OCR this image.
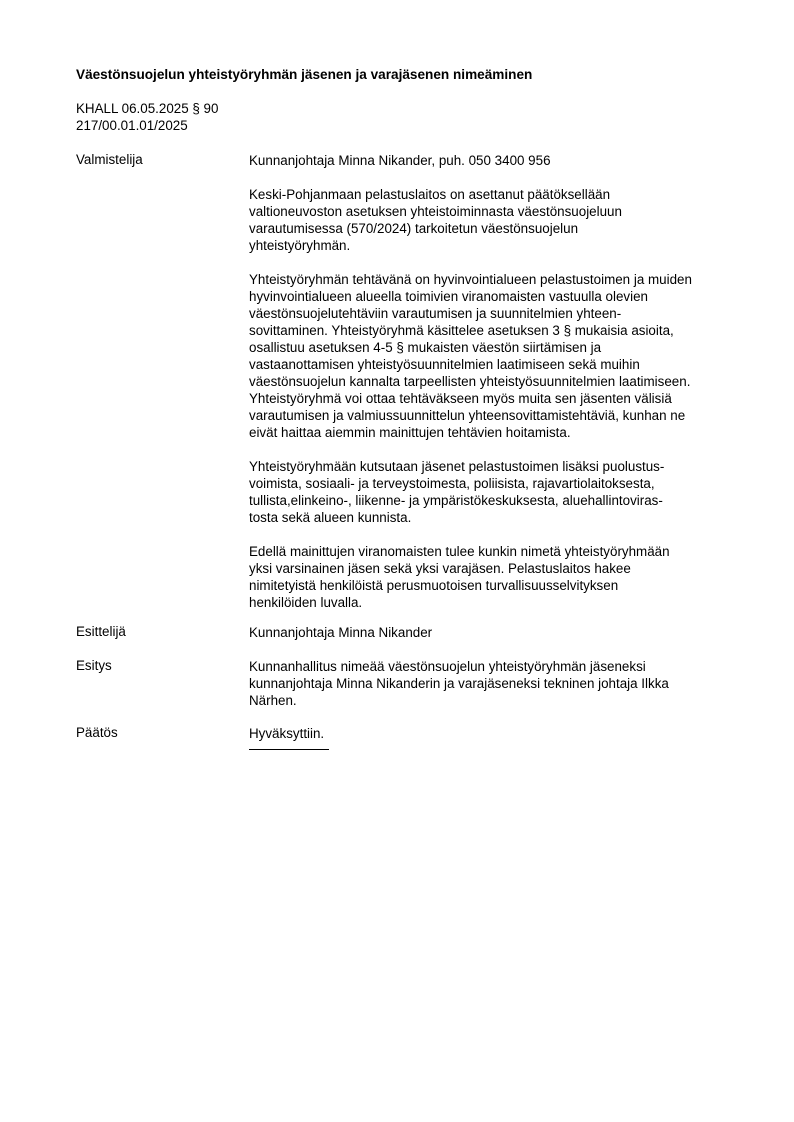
Väestönsuojelun yhteistyöryhmän jäsenen ja varajäsenen nimeäminen
KHALL 06.05.2025 § 90
217/00.01.01/2025
Valmistelija	Kunnanjohtaja Minna Nikander, puh. 050 3400 956

Keski-Pohjanmaan pelastuslaitos on asettanut päätöksellään
valtioneuvoston asetuksen yhteistoiminnasta väestönsuojeluun
varautumisessa (570/2024) tarkoitetun väestönsuojelun
yhteistyöryhmän.

Yhteistyöryhmän tehtävänä on hyvinvointialueen pelastustoimen ja muiden
hyvinvointialueen alueella toimivien viranomaisten vastuulla olevien
väestönsuojelutehtäviin varautumisen ja suunnitelmien yhteen-
sovittaminen. Yhteistyöryhmä käsittelee asetuksen 3 § mukaisia asioita,
osallistuu asetuksen 4-5 § mukaisten väestön siirtämisen ja
vastaanottamisen yhteistyösuunnitelmien laatimiseen sekä muihin
väestönsuojelun kannalta tarpeellisten yhteistyösuunnitelmien laatimiseen.
Yhteistyöryhmä voi ottaa tehtäväkseen myös muita sen jäsenten välisiä
varautumisen ja valmiussuunnittelun yhteensovittamistehtäviä, kunhan ne
eivät haittaa aiemmin mainittujen tehtävien hoitamista.

Yhteistyöryhmään kutsutaan jäsenet pelastustoimen lisäksi puolustus-
voimista, sosiaali- ja terveystoimesta, poliisista, rajavartiolaitoksesta,
tullista,elinkeino-, liikenne- ja ympäristökeskuksesta, aluehallintoviras-
tosta sekä alueen kunnista.

Edellä mainittujen viranomaisten tulee kunkin nimetä yhteistyöryhmään
yksi varsinainen jäsen sekä yksi varajäsen. Pelastuslaitos hakee
nimitetyistä henkilöistä perusmuotoisen turvallisuusselvityksen
henkilöiden luvalla.

Esittelijä	Kunnanjohtaja Minna Nikander

Esitys	Kunnanhallitus nimeää väestönsuojelun yhteistyöryhmän jäseneksi
kunnanjohtaja Minna Nikanderin ja varajäseneksi tekninen johtaja Ilkka
Närhen.

Päätös	Hyväksyttiin.
